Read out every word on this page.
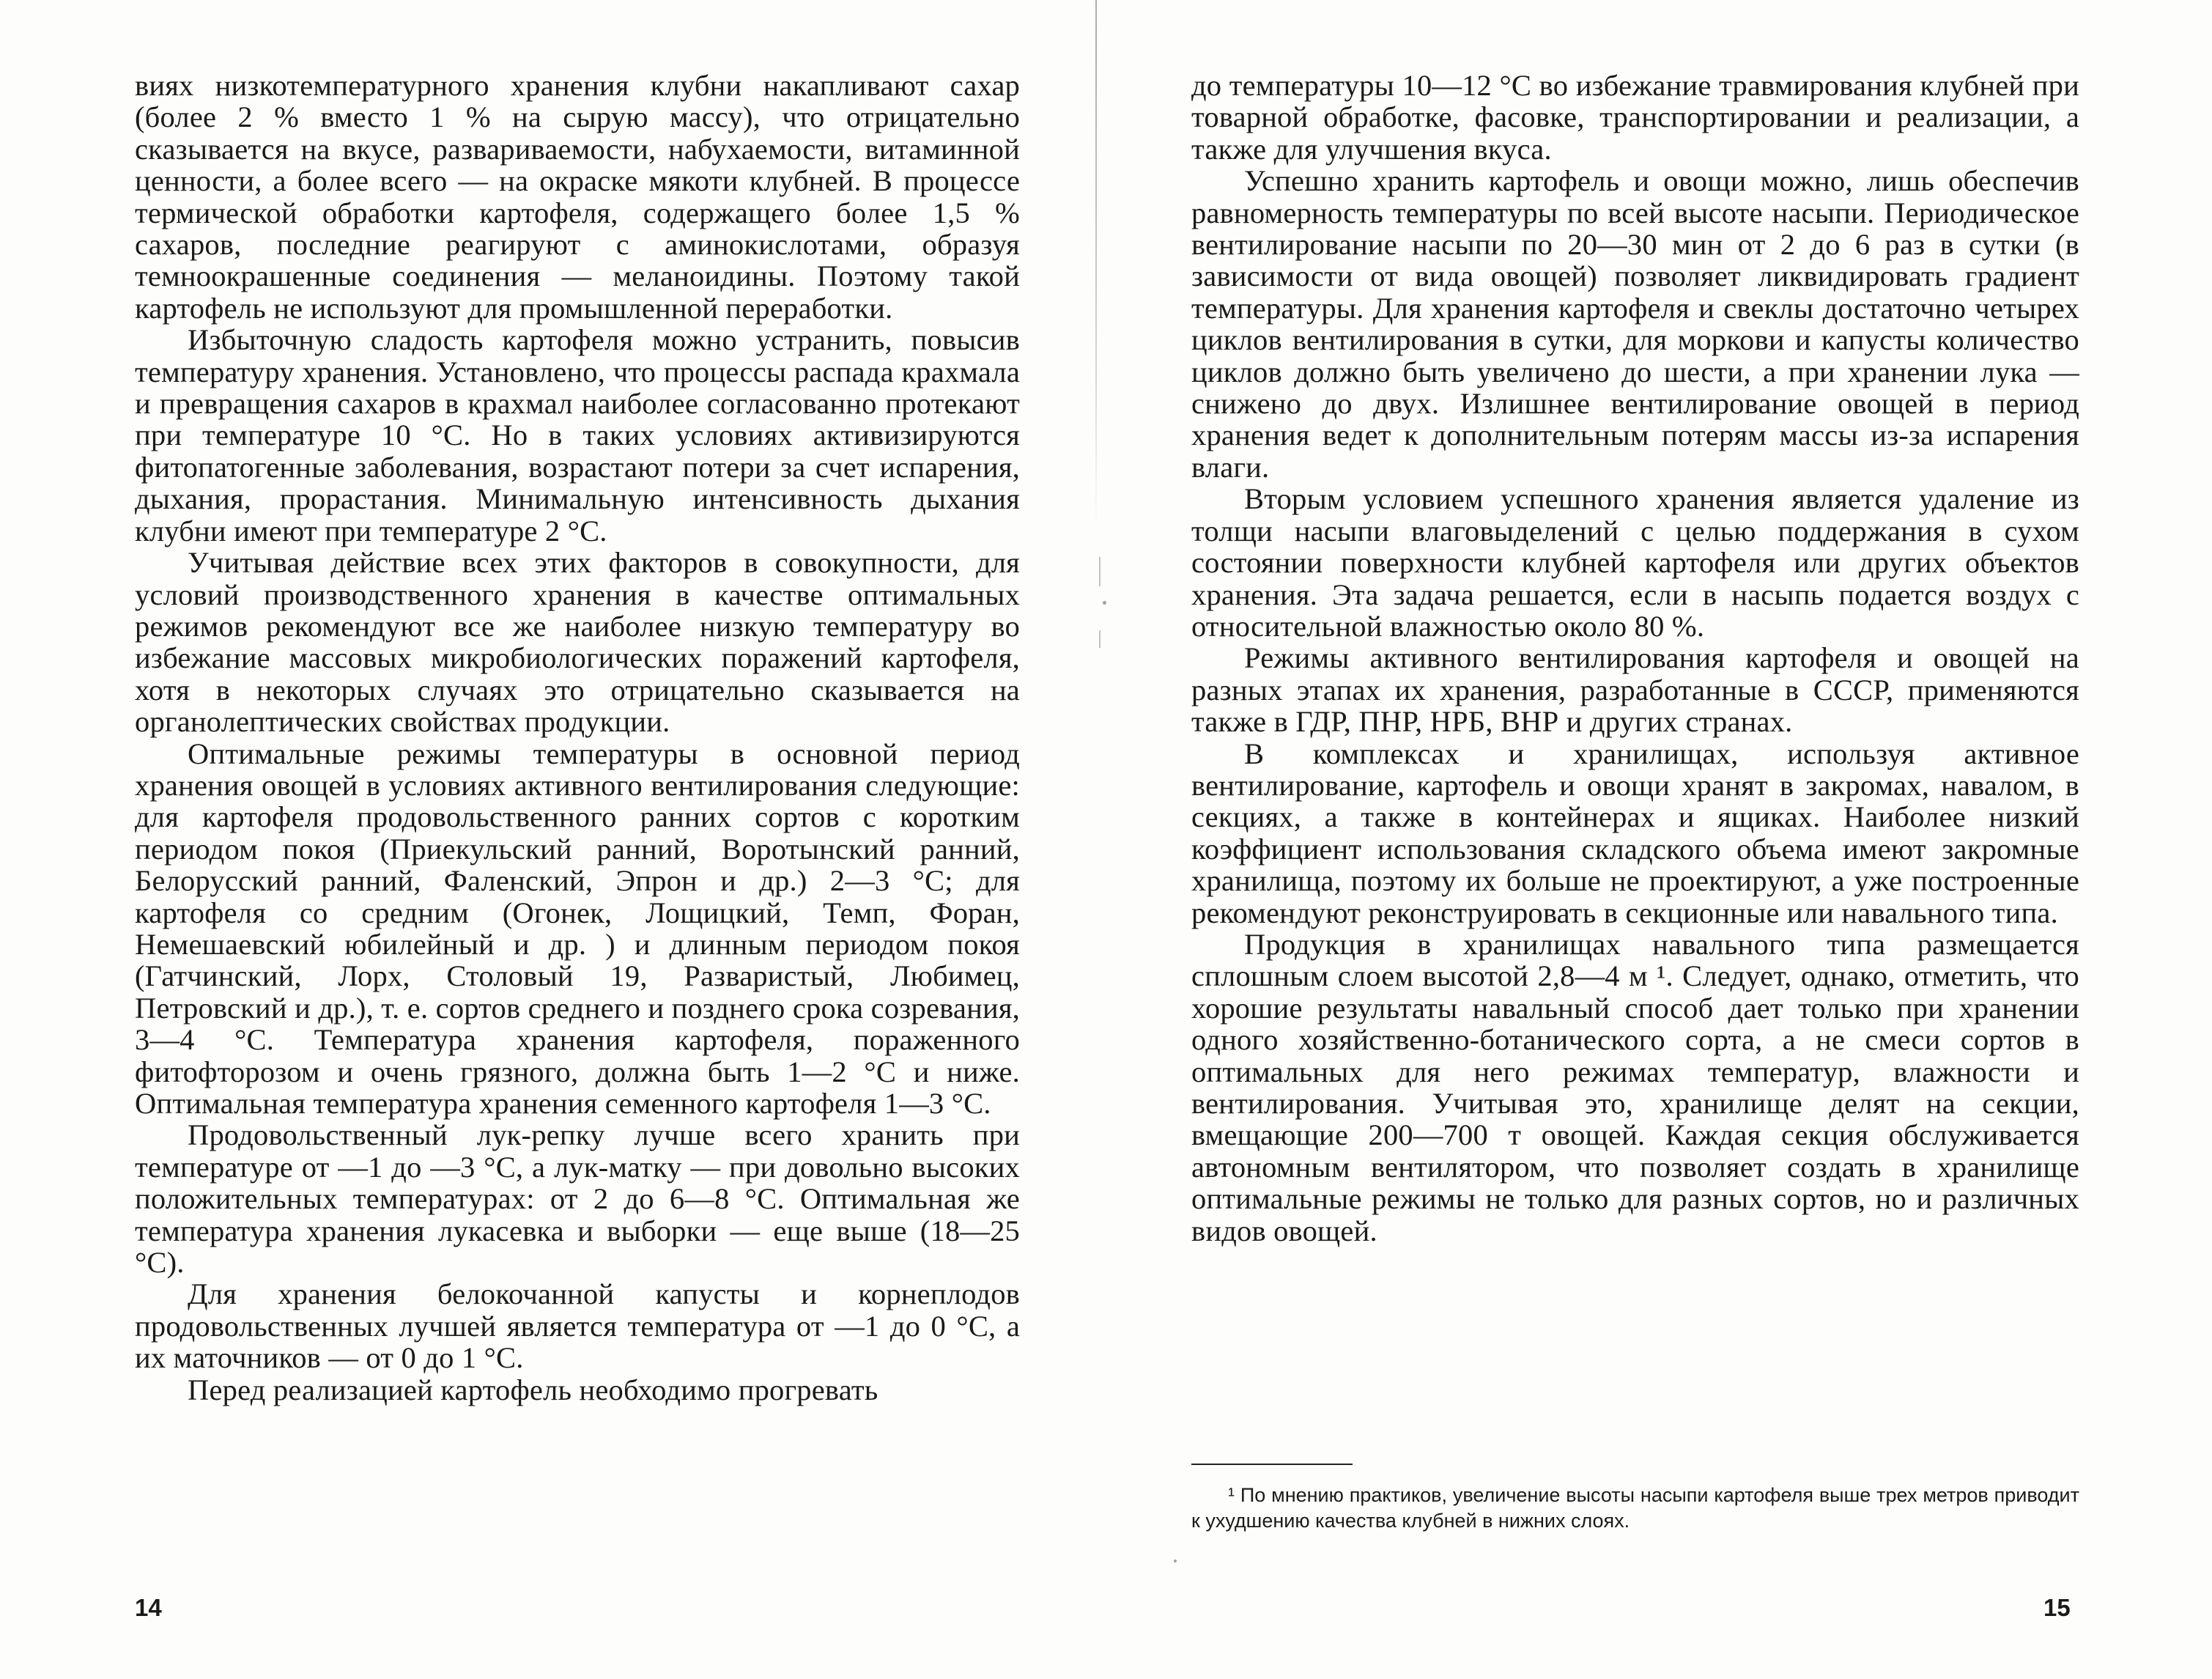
виях низкотемпературного хранения клубни накапливают сахар (более 2 % вместо 1 % на сырую массу), что отрицательно сказывается на вкусе, развариваемости, набухаемости, витаминной ценности, а более всего — на окраске мякоти клубней. В процессе термической обработки картофеля, содержащего более 1,5 % сахаров, последние реагируют с аминокислотами, образуя темноокрашенные соединения — меланоидины. Поэтому такой картофель не используют для промышленной переработки.

Избыточную сладость картофеля можно устранить, повысив температуру хранения. Установлено, что процессы распада крахмала и превращения сахаров в крахмал наиболее согласованно протекают при температуре 10 °С. Но в таких условиях активизируются фитопатогенные заболевания, возрастают потери за счет испарения, дыхания, прорастания. Минимальную интенсивность дыхания клубни имеют при температуре 2 °С.

Учитывая действие всех этих факторов в совокупности, для условий производственного хранения в качестве оптимальных режимов рекомендуют все же наиболее низкую температуру во избежание массовых микробиологических поражений картофеля, хотя в некоторых случаях это отрицательно сказывается на органолептических свойствах продукции.

Оптимальные режимы температуры в основной период хранения овощей в условиях активного вентилирования следующие: для картофеля продовольственного ранних сортов с коротким периодом покоя (Приекульский ранний, Воротынский ранний, Белорусский ранний, Фаленский, Эпрон и др.) 2—3 °С; для картофеля со средним (Огонек, Лощицкий, Темп, Форан, Немешаевский юбилейный и др. ) и длинным периодом покоя (Гатчинский, Лорх, Столовый 19, Разваристый, Любимец, Петровский и др.), т. е. сортов среднего и позднего срока созревания, 3—4 °С. Температура хранения картофеля, пораженного фитофторозом и очень грязного, должна быть 1—2 °С и ниже. Оптимальная температура хранения семенного картофеля 1—3 °С.

Продовольственный лук-репку лучше всего хранить при температуре от —1 до —3 °С, а лук-матку — при довольно высоких положительных температурах: от 2 до 6—8 °С. Оптимальная же температура хранения лукасевка и выборки — еще выше (18—25 °С).

Для хранения белокочанной капусты и корнеплодов продовольственных лучшей является температура от —1 до 0 °С, а их маточников — от 0 до 1 °С.

Перед реализацией картофель необходимо прогревать

14

до температуры 10—12 °С во избежание травмирования клубней при товарной обработке, фасовке, транспортировании и реализации, а также для улучшения вкуса.

Успешно хранить картофель и овощи можно, лишь обеспечив равномерность температуры по всей высоте насыпи. Периодическое вентилирование насыпи по 20—30 мин от 2 до 6 раз в сутки (в зависимости от вида овощей) позволяет ликвидировать градиент температуры. Для хранения картофеля и свеклы достаточно четырех циклов вентилирования в сутки, для моркови и капусты количество циклов должно быть увеличено до шести, а при хранении лука — снижено до двух. Излишнее вентилирование овощей в период хранения ведет к дополнительным потерям массы из-за испарения влаги.

Вторым условием успешного хранения является удаление из толщи насыпи влаговыделений с целью поддержания в сухом состоянии поверхности клубней картофеля или других объектов хранения. Эта задача решается, если в насыпь подается воздух с относительной влажностью около 80 %.

Режимы активного вентилирования картофеля и овощей на разных этапах их хранения, разработанные в СССР, применяются также в ГДР, ПНР, НРБ, ВНР и других странах.

В комплексах и хранилищах, используя активное вентилирование, картофель и овощи хранят в закромах, навалом, в секциях, а также в контейнерах и ящиках. Наиболее низкий коэффициент использования складского объема имеют закромные хранилища, поэтому их больше не проектируют, а уже построенные рекомендуют реконструировать в секционные или навального типа.

Продукция в хранилищах навального типа размещается сплошным слоем высотой 2,8—4 м ¹. Следует, однако, отметить, что хорошие результаты навальный способ дает только при хранении одного хозяйственно-ботанического сорта, а не смеси сортов в оптимальных для него режимах температур, влажности и вентилирования. Учитывая это, хранилище делят на секции, вмещающие 200—700 т овощей. Каждая секция обслуживается автономным вентилятором, что позволяет создать в хранилище оптимальные режимы не только для разных сортов, но и различных видов овощей.

¹ По мнению практиков, увеличение высоты насыпи картофеля выше трех метров приводит к ухудшению качества клубней в нижних слоях.

15
